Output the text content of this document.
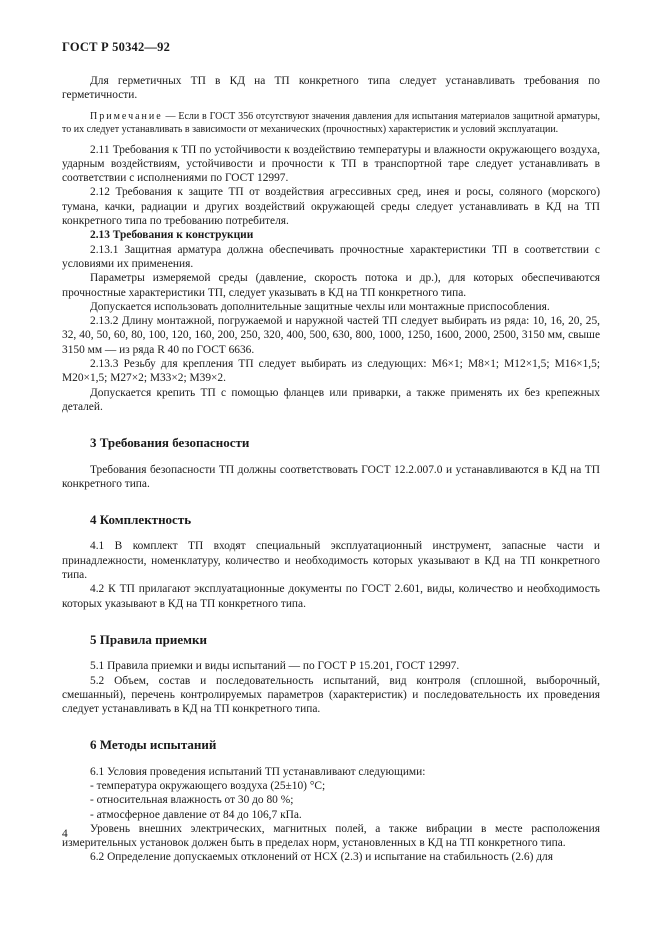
ГОСТ Р 50342—92

Для герметичных ТП в КД на ТП конкретного типа следует устанавливать требования по герметичности.

Примечание — Если в ГОСТ 356 отсутствуют значения давления для испытания материалов защитной арматуры, то их следует устанавливать в зависимости от механических (прочностных) характеристик и условий эксплуатации.

2.11 Требования к ТП по устойчивости к воздействию температуры и влажности окружающего воздуха, ударным воздействиям, устойчивости и прочности к ТП в транспортной таре следует устанавливать в соответствии с исполнениями по ГОСТ 12997.

2.12 Требования к защите ТП от воздействия агрессивных сред, инея и росы, соляного (морского) тумана, качки, радиации и других воздействий окружающей среды следует устанавливать в КД на ТП конкретного типа по требованию потребителя.

2.13 Требования к конструкции

2.13.1 Защитная арматура должна обеспечивать прочностные характеристики ТП в соответствии с условиями их применения.

Параметры измеряемой среды (давление, скорость потока и др.), для которых обеспечиваются прочностные характеристики ТП, следует указывать в КД на ТП конкретного типа.

Допускается использовать дополнительные защитные чехлы или монтажные приспособления.

2.13.2 Длину монтажной, погружаемой и наружной частей ТП следует выбирать из ряда: 10, 16, 20, 25, 32, 40, 50, 60, 80, 100, 120, 160, 200, 250, 320, 400, 500, 630, 800, 1000, 1250, 1600, 2000, 2500, 3150 мм, свыше 3150 мм — из ряда R 40 по ГОСТ 6636.

2.13.3 Резьбу для крепления ТП следует выбирать из следующих: М6×1; М8×1; М12×1,5; М16×1,5; М20×1,5; М27×2; М33×2; М39×2.

Допускается крепить ТП с помощью фланцев или приварки, а также применять их без крепежных деталей.

3 Требования безопасности

Требования безопасности ТП должны соответствовать ГОСТ 12.2.007.0 и устанавливаются в КД на ТП конкретного типа.

4 Комплектность

4.1 В комплект ТП входят специальный эксплуатационный инструмент, запасные части и принадлежности, номенклатуру, количество и необходимость которых указывают в КД на ТП конкретного типа.

4.2 К ТП прилагают эксплуатационные документы по ГОСТ 2.601, виды, количество и необходимость которых указывают в КД на ТП конкретного типа.

5 Правила приемки

5.1 Правила приемки и виды испытаний — по ГОСТ Р 15.201, ГОСТ 12997.

5.2 Объем, состав и последовательность испытаний, вид контроля (сплошной, выборочный, смешанный), перечень контролируемых параметров (характеристик) и последовательность их проведения следует устанавливать в КД на ТП конкретного типа.

6 Методы испытаний

6.1 Условия проведения испытаний ТП устанавливают следующими:

- температура окружающего воздуха (25±10) °C;
- относительная влажность от 30 до 80 %;
- атмосферное давление от 84 до 106,7 кПа.

Уровень внешних электрических, магнитных полей, а также вибрации в месте расположения измерительных установок должен быть в пределах норм, установленных в КД на ТП конкретного типа.

6.2 Определение допускаемых отклонений от НСХ (2.3) и испытание на стабильность (2.6) для

4
